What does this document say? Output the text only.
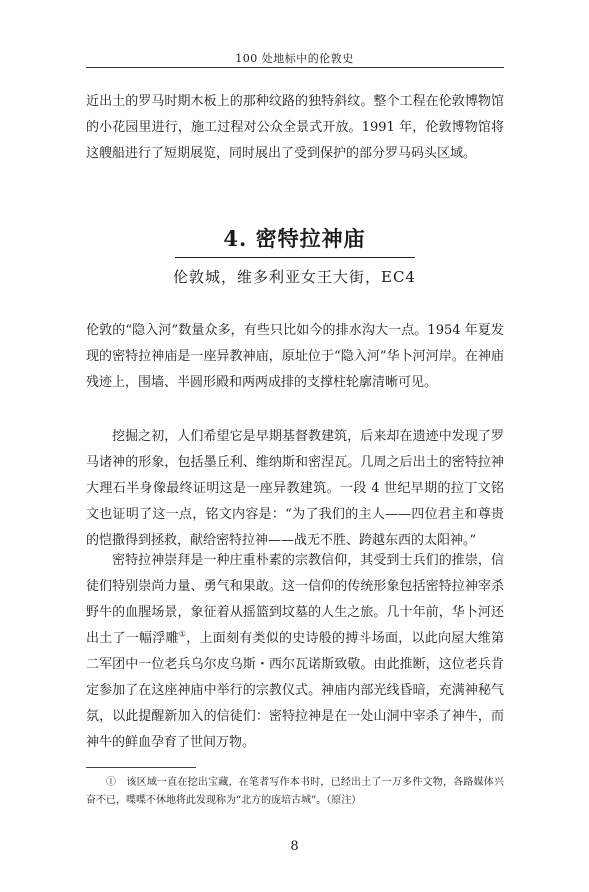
100 处地标中的伦敦史

近出土的罗马时期木板上的那种纹路的独特斜纹。整个工程在伦敦博物馆的小花园里进行，施工过程对公众全景式开放。1991 年，伦敦博物馆将这艘船进行了短期展览，同时展出了受到保护的部分罗马码头区域。

4. 密特拉神庙
伦敦城，维多利亚女王大街，EC4

伦敦的“隐入河”数量众多，有些只比如今的排水沟大一点。1954 年夏发现的密特拉神庙是一座异教神庙，原址位于“隐入河”华卜河河岸。在神庙残迹上，围墙、半圆形殿和两两成排的支撑柱轮廓清晰可见。

挖掘之初，人们希望它是早期基督教建筑，后来却在遗迹中发现了罗马诸神的形象，包括墨丘利、维纳斯和密涅瓦。几周之后出土的密特拉神大理石半身像最终证明这是一座异教建筑。一段 4 世纪早期的拉丁文铭文也证明了这一点，铭文内容是：“为了我们的主人——四位君主和尊贵的恺撒得到拯救，献给密特拉神——战无不胜、跨越东西的太阳神。”

密特拉神崇拜是一种庄重朴素的宗教信仰，其受到士兵们的推崇，信徒们特别崇尚力量、勇气和果敢。这一信仰的传统形象包括密特拉神宰杀野牛的血腥场景，象征着从摇篮到坟墓的人生之旅。几十年前，华卜河还出土了一幅浮雕①，上面刻有类似的史诗般的搏斗场面，以此向屋大维第二军团中一位老兵乌尔皮乌斯・西尔瓦诺斯致敬。由此推断，这位老兵肯定参加了在这座神庙中举行的宗教仪式。神庙内部光线昏暗，充满神秘气氛，以此提醒新加入的信徒们：密特拉神是在一处山洞中宰杀了神牛，而神牛的鲜血孕育了世间万物。

①　该区域一直在挖出宝藏，在笔者写作本书时，已经出土了一万多件文物，各路媒体兴奋不已，喋喋不休地将此发现称为“北方的庞培古城”。（原注）

8
